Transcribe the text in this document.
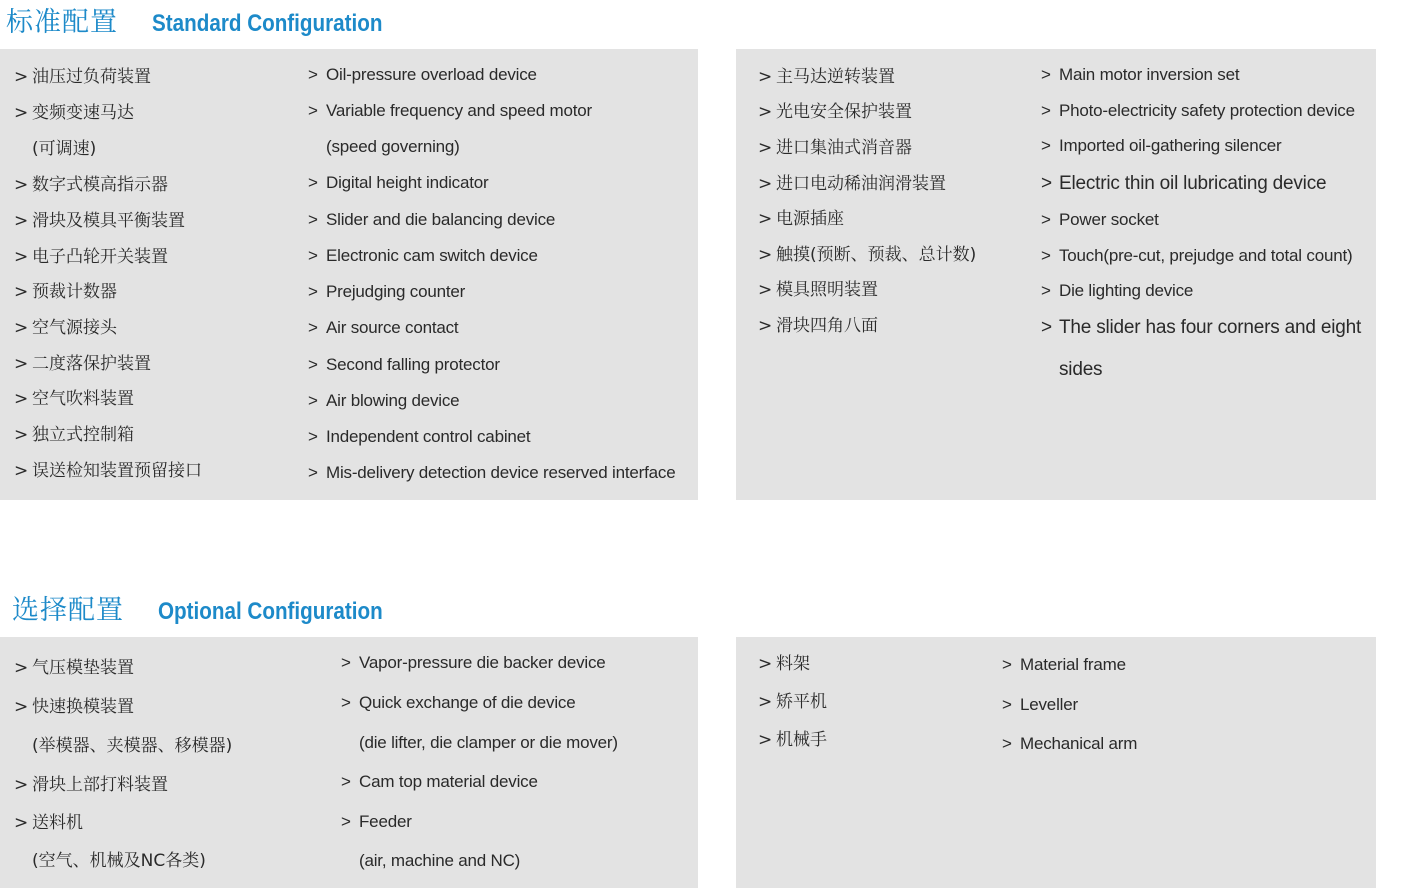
标准配置 Standard Configuration
> 油压过负荷装置
> 变频变速马达
(可调速)
> 数字式模高指示器
> 滑块及模具平衡装置
> 电子凸轮开关装置
> 预裁计数器
> 空气源接头
> 二度落保护装置
> 空气吹料装置
> 独立式控制箱
> 误送检知装置预留接口
> Oil-pressure overload device
> Variable frequency and speed motor
(speed governing)
> Digital height indicator
> Slider and die balancing device
> Electronic cam switch device
> Prejudging counter
> Air source contact
> Second falling protector
> Air blowing device
> Independent control cabinet
> Mis-delivery detection device reserved interface
> 主马达逆转装置
> 光电安全保护装置
> 进口集油式消音器
> 进口电动稀油润滑装置
> 电源插座
> 触摸(预断、预裁、总计数)
> 模具照明装置
> 滑块四角八面
> Main motor inversion set
> Photo-electricity safety protection device
> Imported oil-gathering silencer
> Electric thin oil lubricating device
> Power socket
> Touch(pre-cut, prejudge and total count)
> Die lighting device
> The slider has four corners and eight
sides
选择配置 Optional Configuration
> 气压模垫装置
> 快速换模装置
(举模器、夹模器、移模器)
> 滑块上部打料装置
> 送料机
(空气、机械及NC各类)
> Vapor-pressure die backer device
> Quick exchange of die device
(die lifter, die clamper or die mover)
> Cam top material device
> Feeder
(air, machine and NC)
> 料架
> 矫平机
> 机械手
> Material frame
> Leveller
> Mechanical arm
